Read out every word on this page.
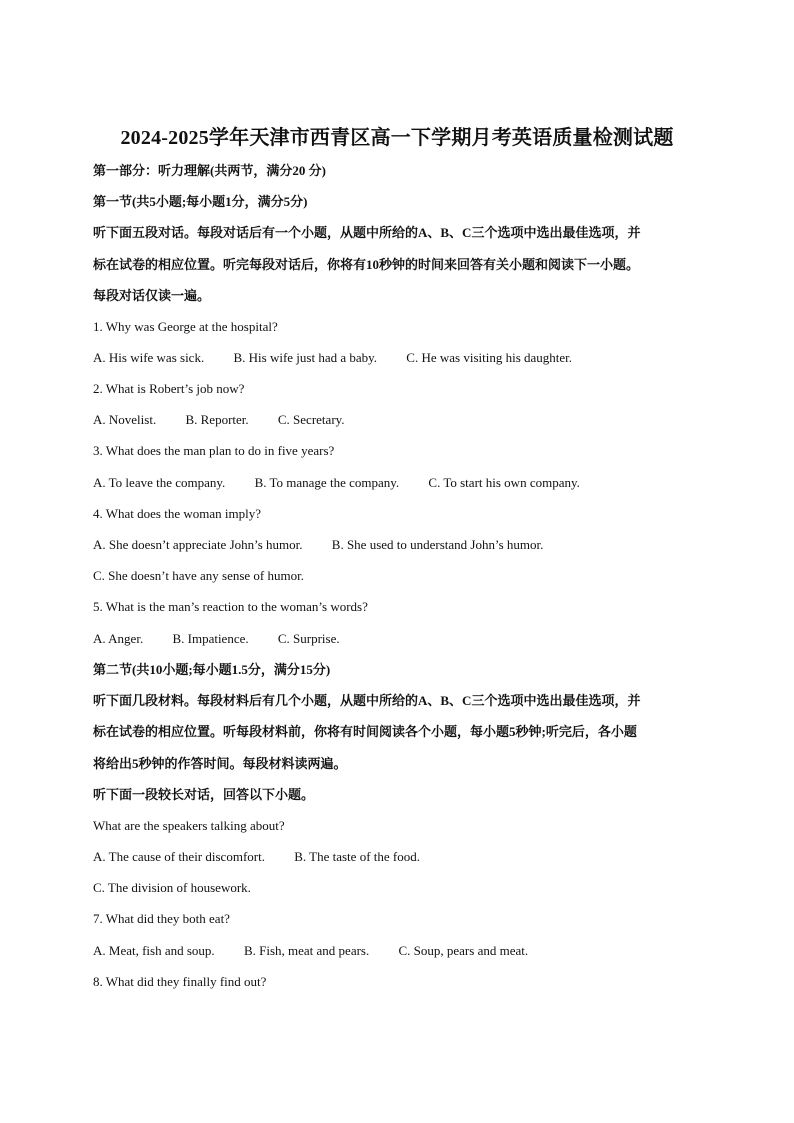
2024-2025学年天津市西青区高一下学期月考英语质量检测试题
第一部分：听力理解(共两节，满分20 分)
第一节(共5小题;每小题1分，满分5分)
听下面五段对话。每段对话后有一个小题，从题中所给的A、B、C三个选项中选出最佳选项，并
标在试卷的相应位置。听完每段对话后，你将有10秒钟的时间来回答有关小题和阅读下一小题。
每段对话仅读一遍。
1. Why was George at the hospital?
A. His wife was sick. B. His wife just had a baby. C. He was visiting his daughter.
2. What is Robert’s job now?
A. Novelist. B. Reporter. C. Secretary.
3. What does the man plan to do in five years?
A. To leave the company. B. To manage the company. C. To start his own company.
4. What does the woman imply?
A. She doesn’t appreciate John’s humor. B. She used to understand John’s humor.
C. She doesn’t have any sense of humor.
5. What is the man’s reaction to the woman’s words?
A. Anger. B. Impatience. C. Surprise.
第二节(共10小题;每小题1.5分，满分15分)
听下面几段材料。每段材料后有几个小题，从题中所给的A、B、C三个选项中选出最佳选项，并
标在试卷的相应位置。听每段材料前，你将有时间阅读各个小题，每小题5秒钟;听完后，各小题
将给出5秒钟的作答时间。每段材料读两遍。
听下面一段较长对话，回答以下小题。
What are the speakers talking about?
A. The cause of their discomfort. B. The taste of the food.
C. The division of housework.
7. What did they both eat?
A. Meat, fish and soup. B. Fish, meat and pears. C. Soup, pears and meat.
8. What did they finally find out?
